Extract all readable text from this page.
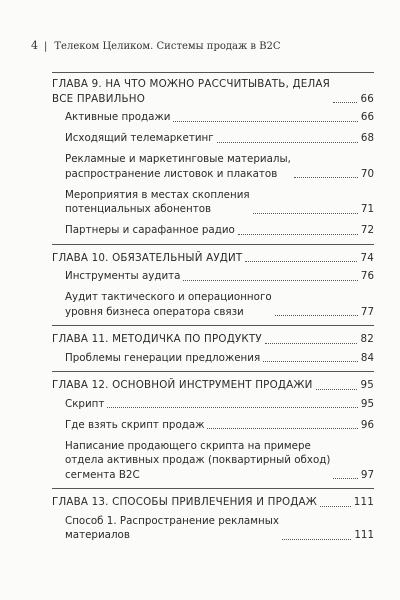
4 | Телеком Целиком. Системы продаж в B2C
ГЛАВА 9. НА ЧТО МОЖНО РАССЧИТЫВАТЬ, ДЕЛАЯ
ВСЕ ПРАВИЛЬНО	66
Активные продажи	66
Исходящий телемаркетинг	68
Рекламные и маркетинговые материалы,
распространение листовок и плакатов	70
Мероприятия в местах скопления
потенциальных абонентов	71
Партнеры и сарафанное радио	72
ГЛАВА 10. ОБЯЗАТЕЛЬНЫЙ АУДИТ	74
Инструменты аудита	76
Аудит тактического и операционного
уровня бизнеса оператора связи	77
ГЛАВА 11. МЕТОДИЧКА ПО ПРОДУКТУ	82
Проблемы генерации предложения	84
ГЛАВА 12. ОСНОВНОЙ ИНСТРУМЕНТ ПРОДАЖИ	95
Скрипт	95
Где взять скрипт продаж	96
Написание продающего скрипта на примере
отдела активных продаж (поквартирный обход)
сегмента B2C	97
ГЛАВА 13. СПОСОБЫ ПРИВЛЕЧЕНИЯ И ПРОДАЖ	111
Способ 1. Распространение рекламных
материалов	111
